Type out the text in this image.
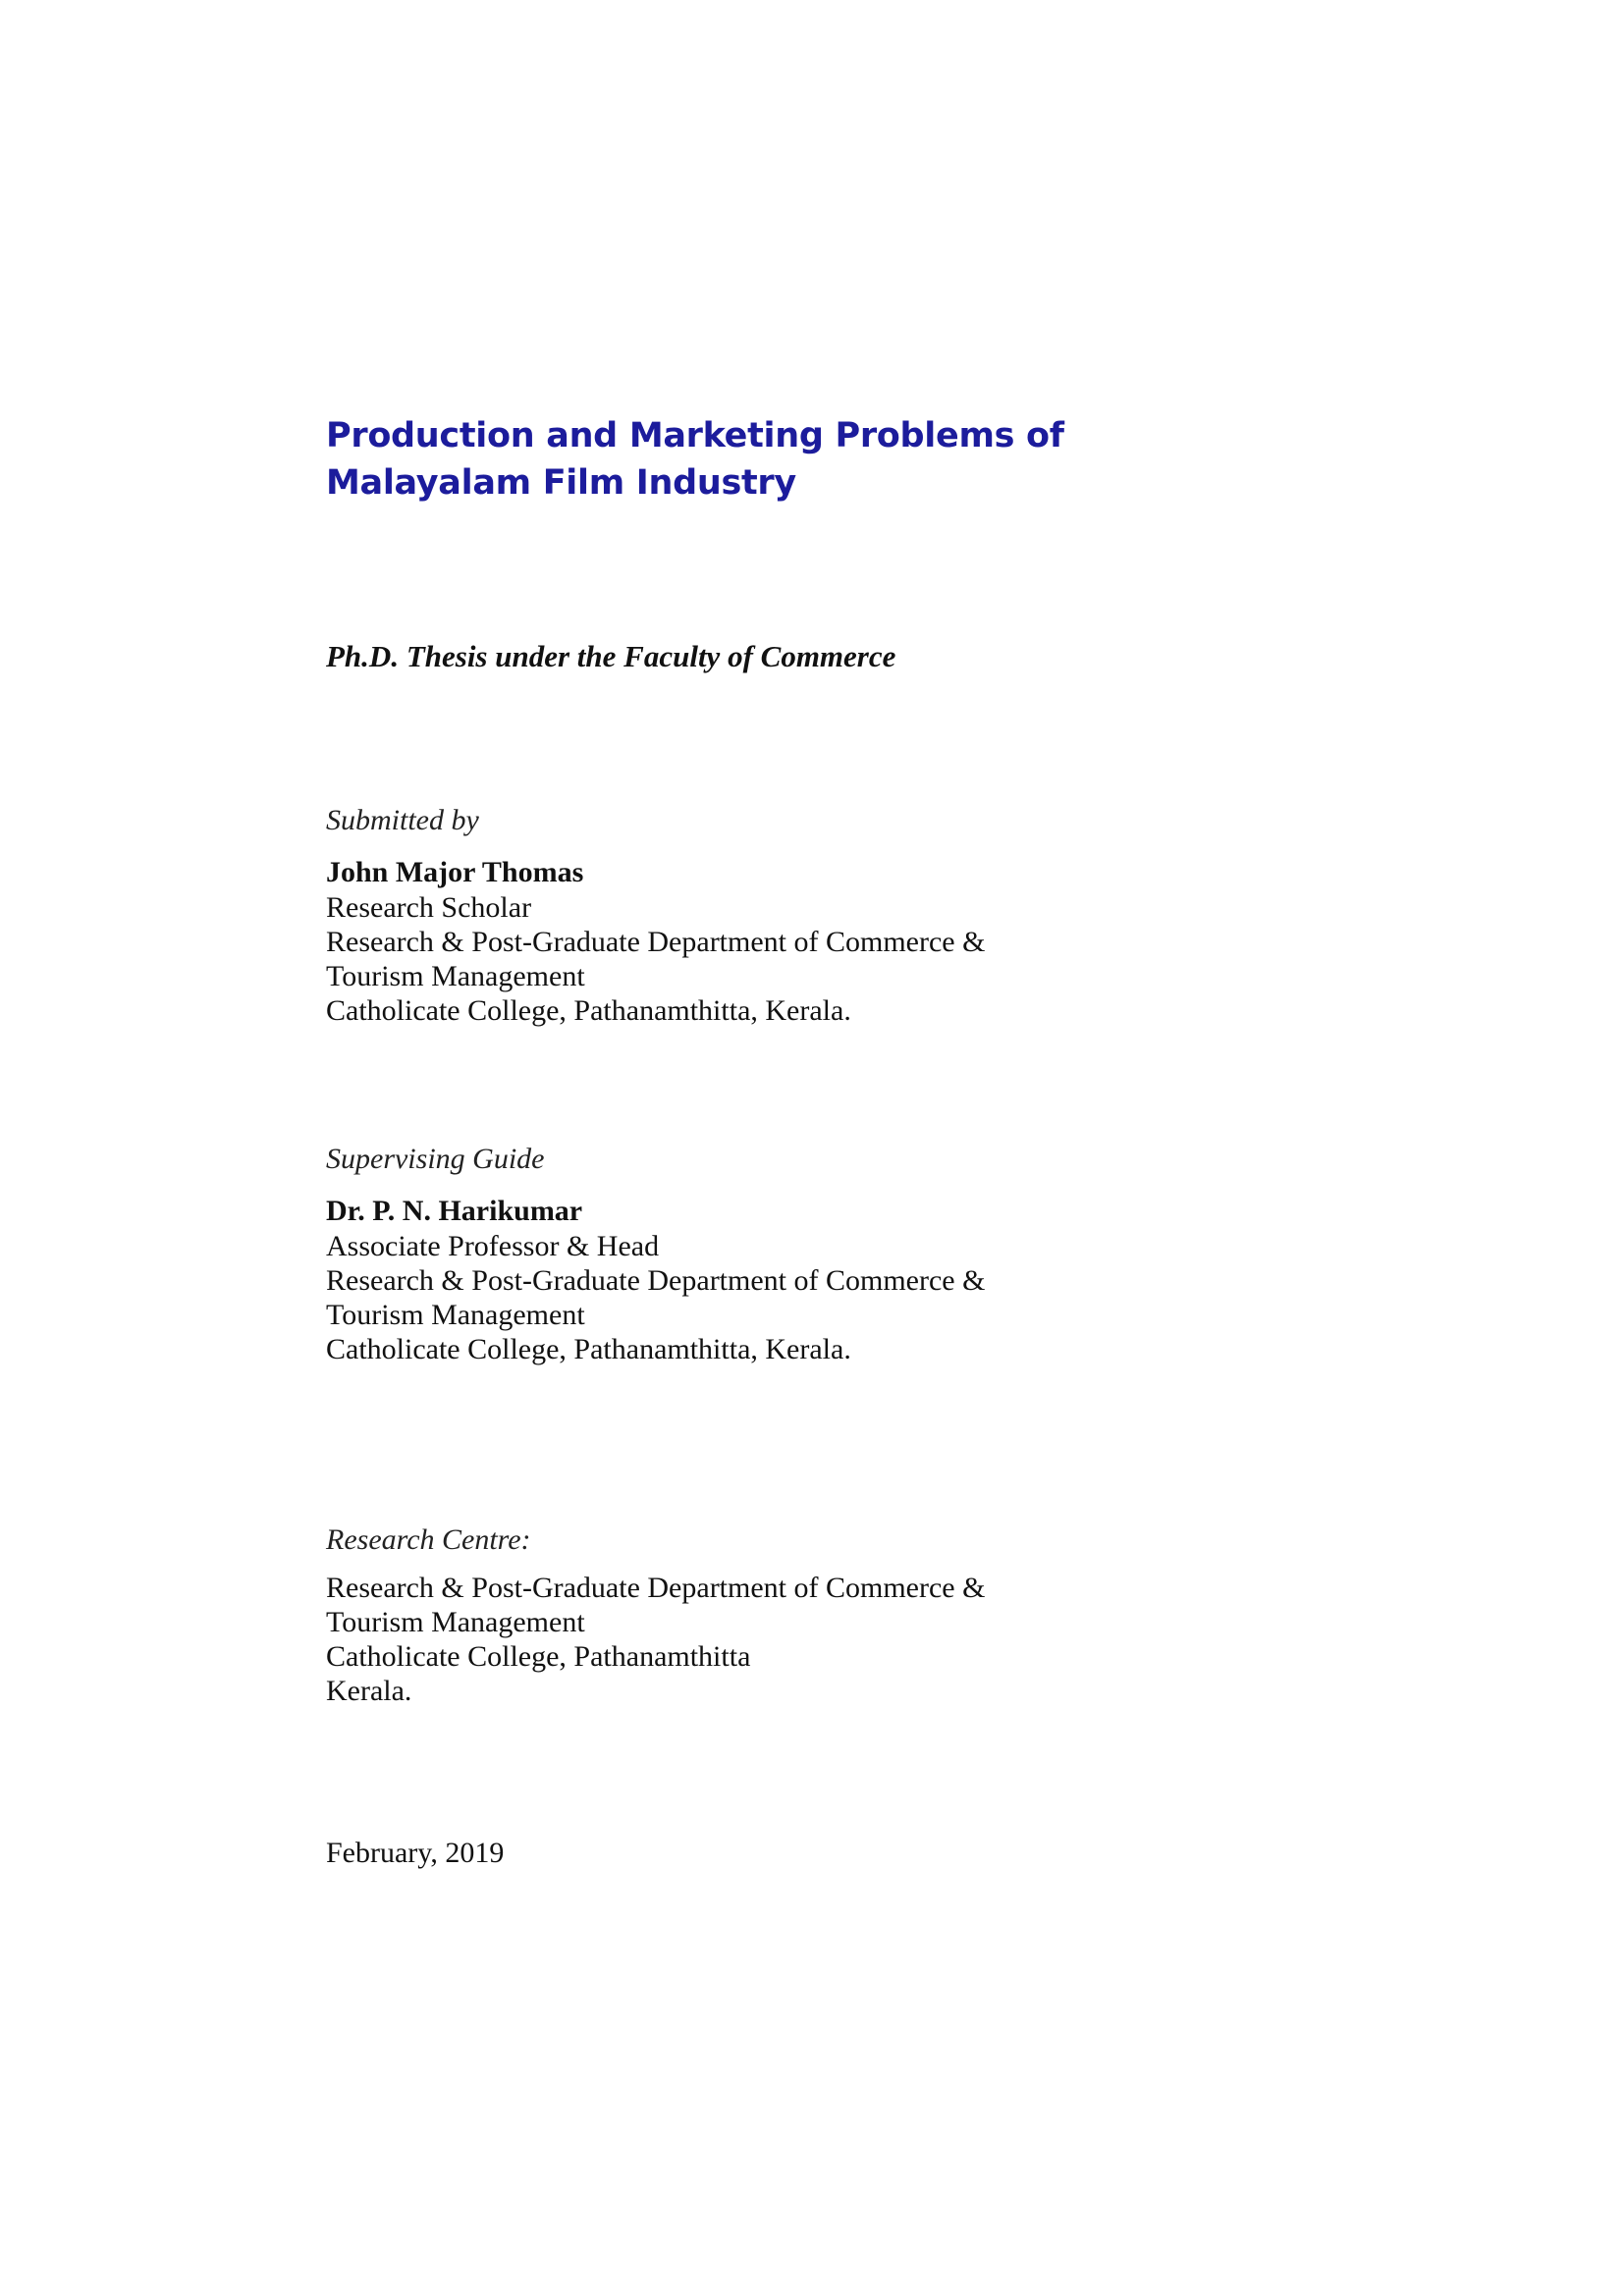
Production and Marketing Problems of
Malayalam Film Industry
Ph.D. Thesis under the Faculty of Commerce
Submitted by
John Major Thomas
Research Scholar
Research & Post-Graduate Department of Commerce &
Tourism Management
Catholicate College, Pathanamthitta, Kerala.
Supervising Guide
Dr. P. N. Harikumar
Associate Professor & Head
Research & Post-Graduate Department of Commerce &
Tourism Management
Catholicate College, Pathanamthitta, Kerala.
Research Centre:
Research & Post-Graduate Department of Commerce &
Tourism Management
Catholicate College, Pathanamthitta
Kerala.
February, 2019
